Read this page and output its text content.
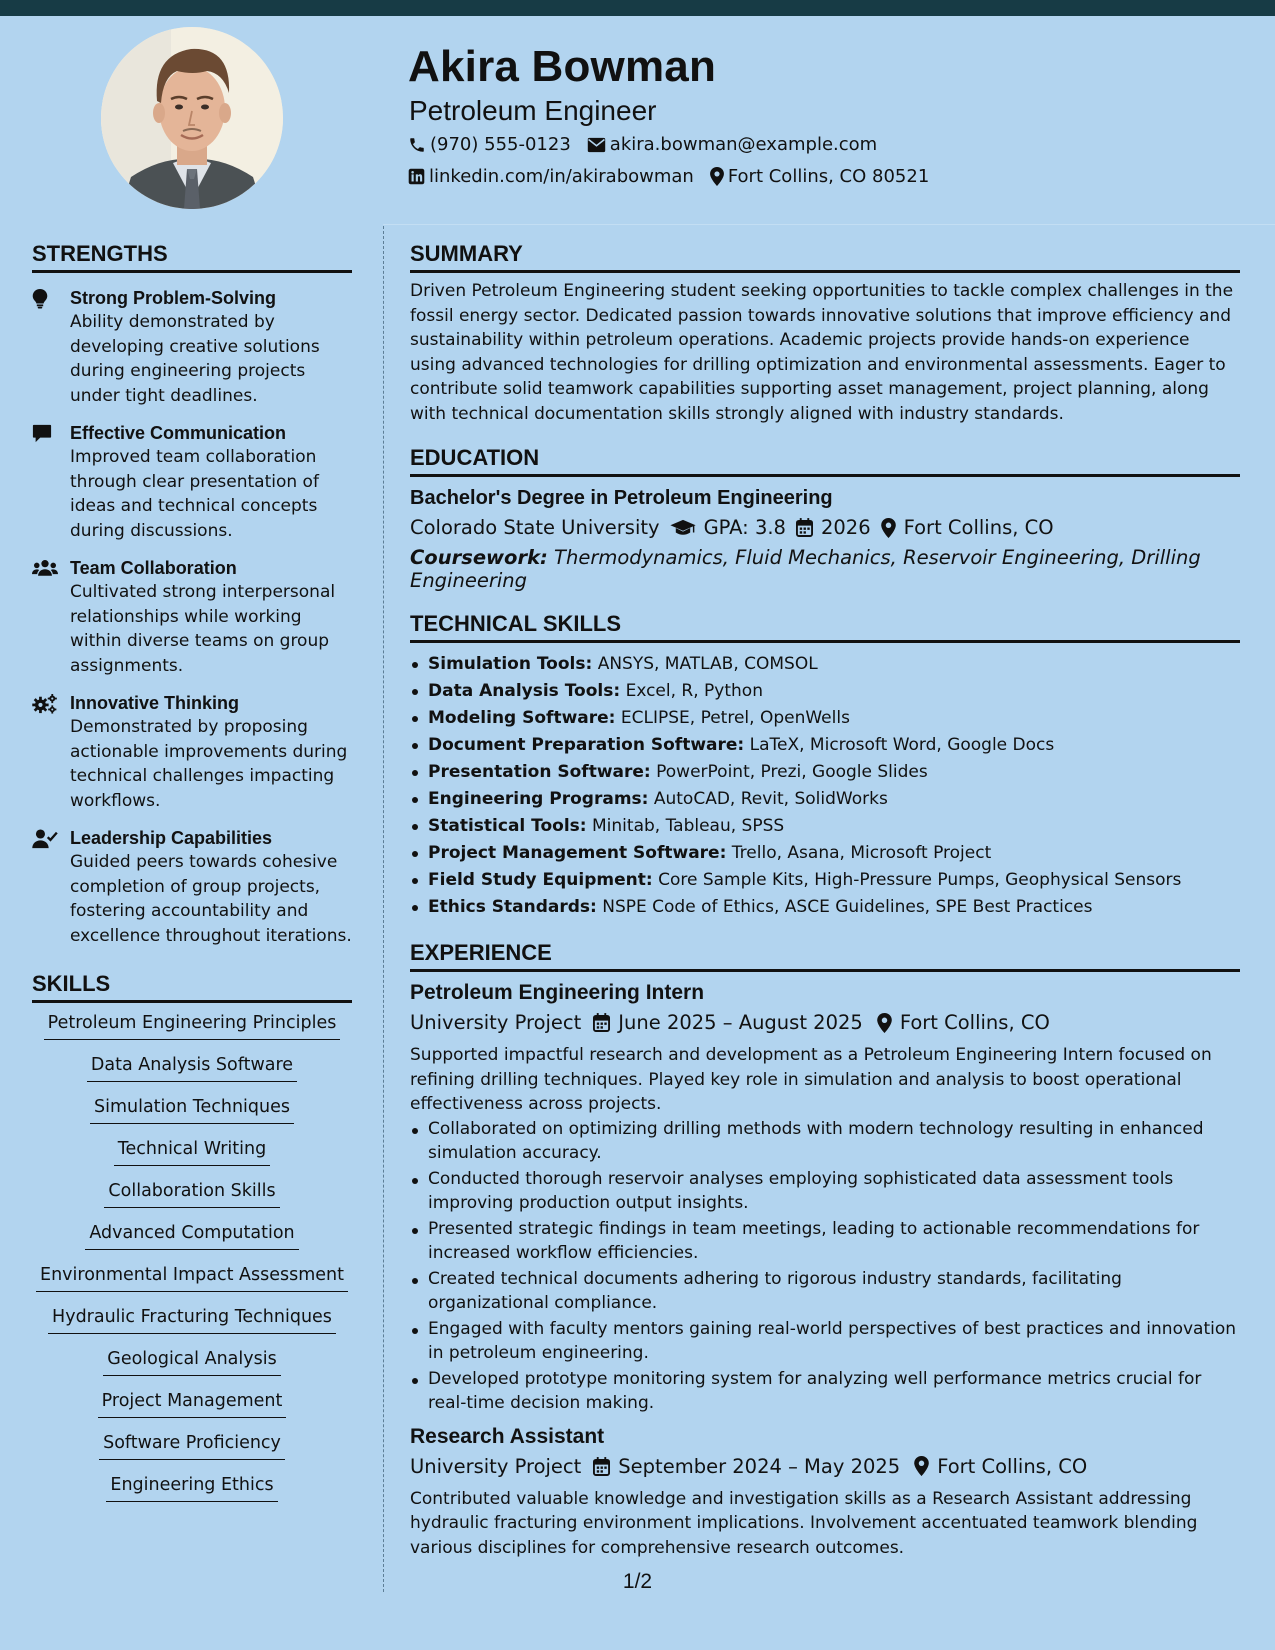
Akira Bowman
Petroleum Engineer
(970) 555-0123 akira.bowman@example.com
linkedin.com/in/akirabowman Fort Collins, CO 80521
STRENGTHS
Strong Problem-Solving
Ability demonstrated by developing creative solutions during engineering projects under tight deadlines.
Effective Communication
Improved team collaboration through clear presentation of ideas and technical concepts during discussions.
Team Collaboration
Cultivated strong interpersonal relationships while working within diverse teams on group assignments.
Innovative Thinking
Demonstrated by proposing actionable improvements during technical challenges impacting workflows.
Leadership Capabilities
Guided peers towards cohesive completion of group projects, fostering accountability and excellence throughout iterations.
SKILLS
Petroleum Engineering Principles
Data Analysis Software
Simulation Techniques
Technical Writing
Collaboration Skills
Advanced Computation
Environmental Impact Assessment
Hydraulic Fracturing Techniques
Geological Analysis
Project Management
Software Proficiency
Engineering Ethics
SUMMARY

Driven Petroleum Engineering student seeking opportunities to tackle complex challenges in the fossil energy sector. Dedicated passion towards innovative solutions that improve efficiency and sustainability within petroleum operations. Academic projects provide hands-on experience using advanced technologies for drilling optimization and environmental assessments. Eager to contribute solid teamwork capabilities supporting asset management, project planning, along with technical documentation skills strongly aligned with industry standards.

EDUCATION

Bachelor's Degree in Petroleum Engineering

Colorado State University GPA: 3.8 2026 Fort Collins, CO
Coursework: Thermodynamics, Fluid Mechanics, Reservoir Engineering, Drilling Engineering
TECHNICAL SKILLS
Simulation Tools: ANSYS, MATLAB, COMSOL
Data Analysis Tools: Excel, R, Python
Modeling Software: ECLIPSE, Petrel, OpenWells
Document Preparation Software: LaTeX, Microsoft Word, Google Docs
Presentation Software: PowerPoint, Prezi, Google Slides
Engineering Programs: AutoCAD, Revit, SolidWorks
Statistical Tools: Minitab, Tableau, SPSS
Project Management Software: Trello, Asana, Microsoft Project
Field Study Equipment: Core Sample Kits, High-Pressure Pumps, Geophysical Sensors
Ethics Standards: NSPE Code of Ethics, ASCE Guidelines, SPE Best Practices
EXPERIENCE

Petroleum Engineering Intern

University Project June 2025 – August 2025 Fort Collins, CO

Supported impactful research and development as a Petroleum Engineering Intern focused on refining drilling techniques. Played key role in simulation and analysis to boost operational effectiveness across projects.

Collaborated on optimizing drilling methods with modern technology resulting in enhanced simulation accuracy.
Conducted thorough reservoir analyses employing sophisticated data assessment tools improving production output insights.
Presented strategic findings in team meetings, leading to actionable recommendations for increased workflow efficiencies.
Created technical documents adhering to rigorous industry standards, facilitating organizational compliance.
Engaged with faculty mentors gaining real-world perspectives of best practices and innovation in petroleum engineering.
Developed prototype monitoring system for analyzing well performance metrics crucial for real-time decision making.

Research Assistant

University Project September 2024 – May 2025 Fort Collins, CO

Contributed valuable knowledge and investigation skills as a Research Assistant addressing hydraulic fracturing environment implications. Involvement accentuated teamwork blending various disciplines for comprehensive research outcomes.

1/2
